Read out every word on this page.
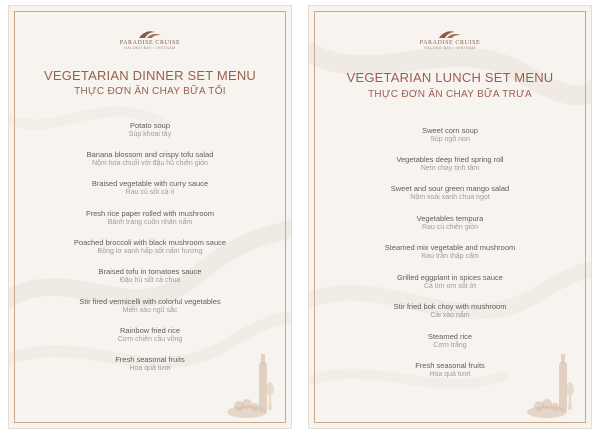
PARADISE CRUISE
HALONG BAY • VIETNAM
VEGETARIAN DINNER SET MENU
THỰC ĐƠN ĂN CHAY BỮA TỐI
Potato soup
Súp khoai tây
Banana blossom and crispy tofu salad
Nộm hoa chuối với đậu hũ chiên giòn
Braised vegetable with curry sauce
Rau củ sốt cà ri
Fresh rice paper rolled with mushroom
Bánh tráng cuốn nhân nấm
Poached broccoli with black mushroom sauce
Bông lơ xanh hấp sốt nấm hương
Braised tofu in tomatoes sauce
Đậu hủ sốt cà chua
Stir fired vermicelli with colorful vegetables
Miến xào ngũ sắc
Rainbow fried rice
Cơm chiên cầu vồng
Fresh seasonal fruits
Hoa quả tươi
PARADISE CRUISE
HALONG BAY • VIETNAM
VEGETARIAN LUNCH SET MENU
THỰC ĐƠN ĂN CHAY BỮA TRƯA
Sweet corn soup
Súp ngô non
Vegetables deep fried spring roll
Nem chay tịnh tâm
Sweet and sour green mango salad
Nộm xoài xanh chua ngọt
Vegetables tempura
Rau củ chiên giòn
Steamed mix vegetable and mushroom
Rau trần thập cẩm
Grilled eggplant in spices sauce
Cà tím om sốt ớt
Stir fried bok choy with mushroom
Cải xào nấm
Steamed rice
Cơm trắng
Fresh seasonal fruits
Hoa quả tươi
